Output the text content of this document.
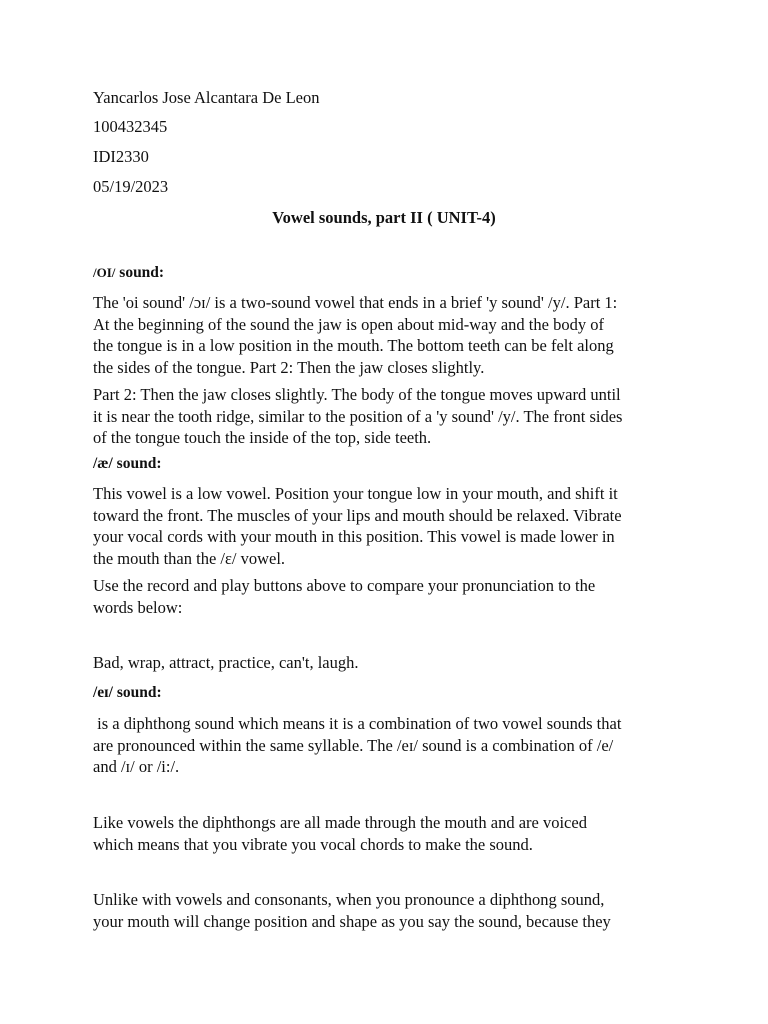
Yancarlos Jose Alcantara De Leon
100432345
IDI2330
05/19/2023
Vowel sounds, part II ( UNIT-4)
/OI/ sound:

The 'oi sound' /ɔɪ/ is a two-sound vowel that ends in a brief 'y sound' /y/. Part 1:

At the beginning of the sound the jaw is open about mid-way and the body of

the tongue is in a low position in the mouth. The bottom teeth can be felt along

the sides of the tongue. Part 2: Then the jaw closes slightly.

Part 2: Then the jaw closes slightly. The body of the tongue moves upward until

it is near the tooth ridge, similar to the position of a 'y sound' /y/. The front sides

of the tongue touch the inside of the top, side teeth.

/æ/ sound:

This vowel is a low vowel. Position your tongue low in your mouth, and shift it

toward the front. The muscles of your lips and mouth should be relaxed. Vibrate

your vocal cords with your mouth in this position. This vowel is made lower in

the mouth than the /ɛ/ vowel.

Use the record and play buttons above to compare your pronunciation to the

words below:

Bad, wrap, attract, practice, can't, laugh.
/eɪ/ sound:

is a diphthong sound which means it is a combination of two vowel sounds that

are pronounced within the same syllable. The /eɪ/ sound is a combination of /e/

and /ɪ/ or /i:/.

Like vowels the diphthongs are all made through the mouth and are voiced

which means that you vibrate you vocal chords to make the sound.

Unlike with vowels and consonants, when you pronounce a diphthong sound,

your mouth will change position and shape as you say the sound, because they
